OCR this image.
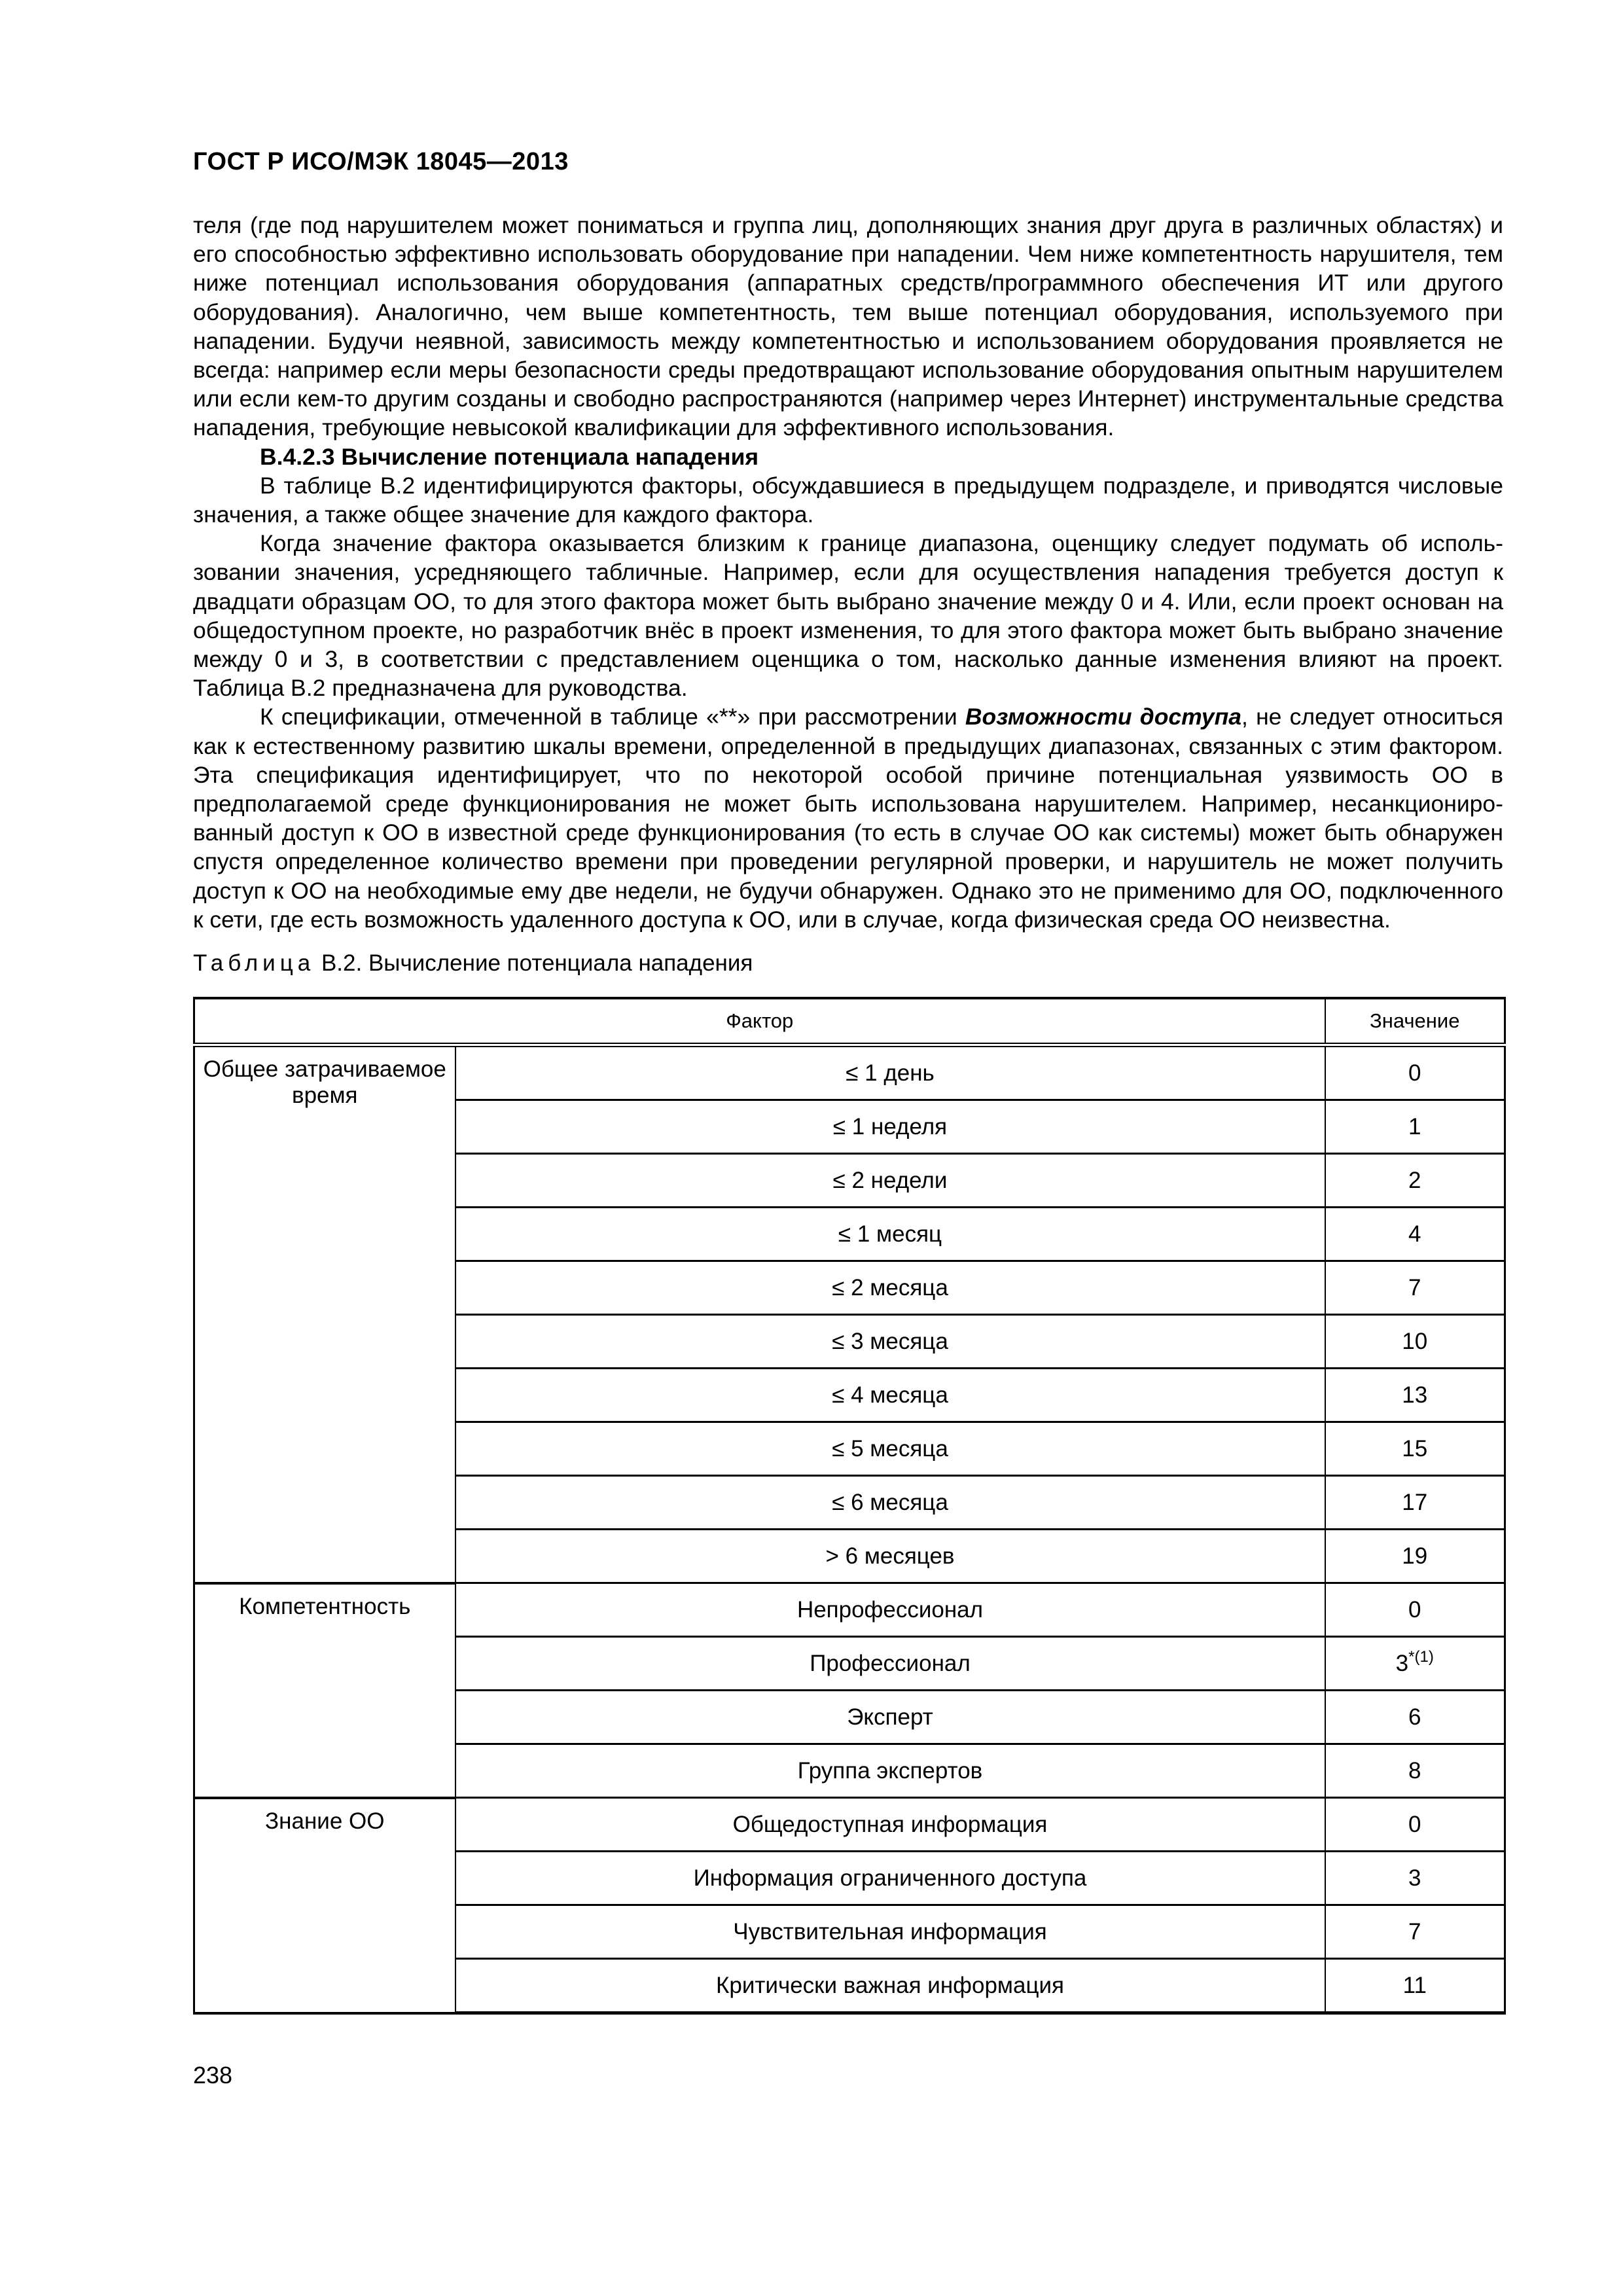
ГОСТ Р ИСО/МЭК 18045—2013

теля (где под нарушителем может пониматься и группа лиц, дополняющих знания друг друга в различных областях) и его способностью эффективно использовать оборудование при нападении. Чем ниже компетентность нарушителя, тем ниже потенциал использования оборудования (аппаратных средств/программного обеспечения ИТ или другого оборудования). Аналогично, чем выше компетентность, тем выше потенциал оборудования, используемого при нападении. Будучи неявной, зависимость между компетентностью и использованием оборудования проявляется не всегда: например если меры безопасности среды предотвращают использование оборудования опытным нарушителем или если кем-то другим созданы и свободно распространяются (например через Интернет) инструментальные средства нападения, требующие невысокой квалификации для эффективного использования.

B.4.2.3 Вычисление потенциала нападения

В таблице B.2 идентифицируются факторы, обсуждавшиеся в предыдущем подразделе, и приводятся числовые значения, а также общее значение для каждого фактора.

Когда значение фактора оказывается близким к границе диапазона, оценщику следует подумать об использовании значения, усредняющего табличные. Например, если для осуществления нападения требуется доступ к двадцати образцам ОО, то для этого фактора может быть выбрано значение между 0 и 4. Или, если проект основан на общедоступном проекте, но разработчик внёс в проект изменения, то для этого фактора может быть выбрано значение между 0 и 3, в соответствии с представлением оценщика о том, насколько данные изменения влияют на проект. Таблица B.2 предназначена для руководства.

К спецификации, отмеченной в таблице «**» при рассмотрении Возможности доступа, не следует относиться как к естественному развитию шкалы времени, определенной в предыдущих диапазонах, связанных с этим фактором. Эта спецификация идентифицирует, что по некоторой особой причине потенциальная уязвимость ОО в предполагаемой среде функционирования не может быть использована нарушителем. Например, несанкционированный доступ к ОО в известной среде функционирования (то есть в случае ОО как системы) может быть обнаружен спустя определенное количество времени при проведении регулярной проверки, и нарушитель не может получить доступ к ОО на необходимые ему две недели, не будучи обнаружен. Однако это не применимо для ОО, подключенного к сети, где есть возможность удаленного доступа к ОО, или в случае, когда физическая среда ОО неизвестна.

Таблица B.2. Вычисление потенциала нападения
Фактор		Значение
Общее затрачиваемое время	≤ 1 день	0
	≤ 1 неделя	1
	≤ 2 недели	2
	≤ 1 месяц	4
	≤ 2 месяца	7
	≤ 3 месяца	10
	≤ 4 месяца	13
	≤ 5 месяца	15
	≤ 6 месяца	17
	> 6 месяцев	19
Компетентность	Непрофессионал	0
	Профессионал	3$^{*(1)}$
	Эксперт	6
	Группа экспертов	8
Знание ОО	Общедоступная информация	0
	Информация ограниченного доступа	3
	Чувствительная информация	7
	Критически важная информация	11
238
